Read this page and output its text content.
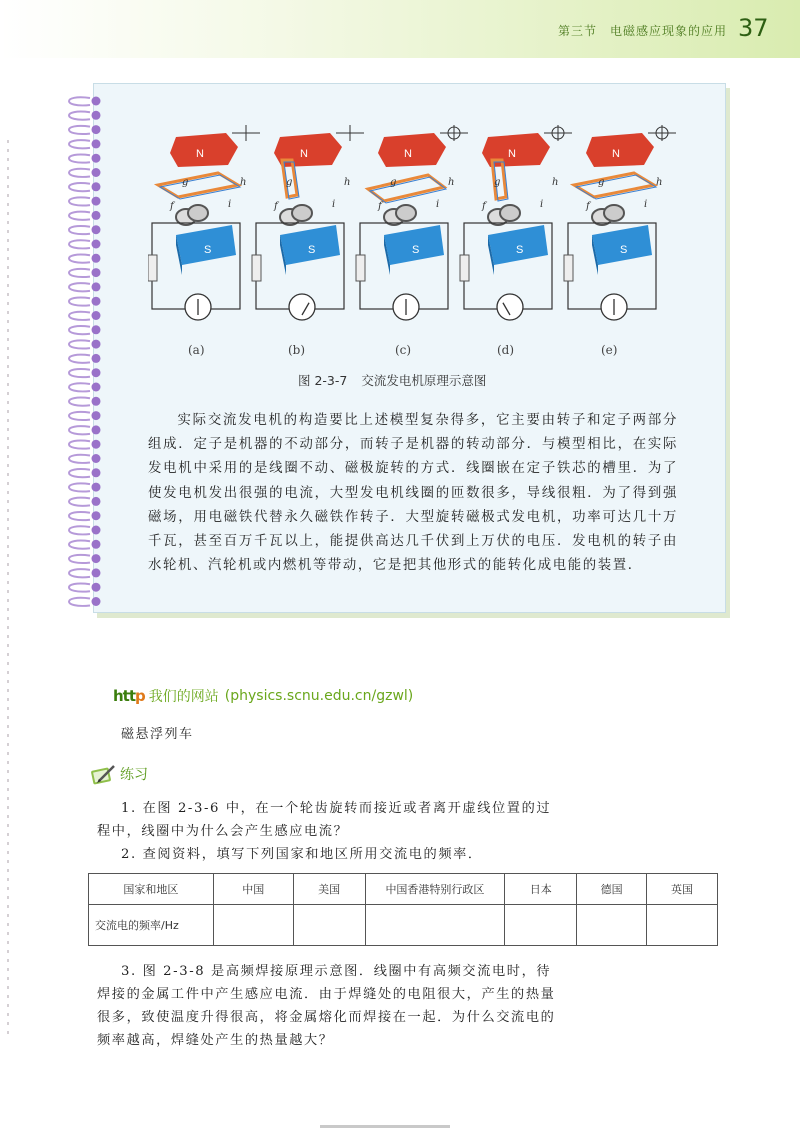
第三节　电磁感应现象的应用 37
N
f
g	h
i
S
N
f
g	h
i
S
N
f
g	h
i
S
N
f
g	h
i
S
N
f
g	h
i
S
(a)	(b)	(c)	(d)	(e)
图 2-3-7 交流发电机原理示意图

实际交流发电机的构造要比上述模型复杂得多，它主要由转子和定子两部分组成．定子是机器的不动部分，而转子是机器的转动部分．与模型相比，在实际发电机中采用的是线圈不动、磁极旋转的方式．线圈嵌在定子铁芯的槽里．为了使发电机发出很强的电流，大型发电机线圈的匝数很多，导线很粗．为了得到强磁场，用电磁铁代替永久磁铁作转子．大型旋转磁极式发电机，功率可达几十万千瓦，甚至百万千瓦以上，能提供高达几千伏到上万伏的电压．发电机的转子由水轮机、汽轮机或内燃机等带动，它是把其他形式的能转化成电能的装置．

http 我们的网站 (physics.scnu.edu.cn/gzwl)
磁悬浮列车
练习

1. 在图 2-3-6 中，在一个轮齿旋转而接近或者离开虚线位置的过程中，线圈中为什么会产生感应电流？

2. 查阅资料，填写下列国家和地区所用交流电的频率．

国家和地区	中国	美国	中国香港特别行政区	日本	德国	英国
交流电的频率/Hz						

3. 图 2-3-8 是高频焊接原理示意图．线圈中有高频交流电时，待焊接的金属工件中产生感应电流．由于焊缝处的电阻很大，产生的热量很多，致使温度升得很高，将金属熔化而焊接在一起．为什么交流电的频率越高，焊缝处产生的热量越大？
